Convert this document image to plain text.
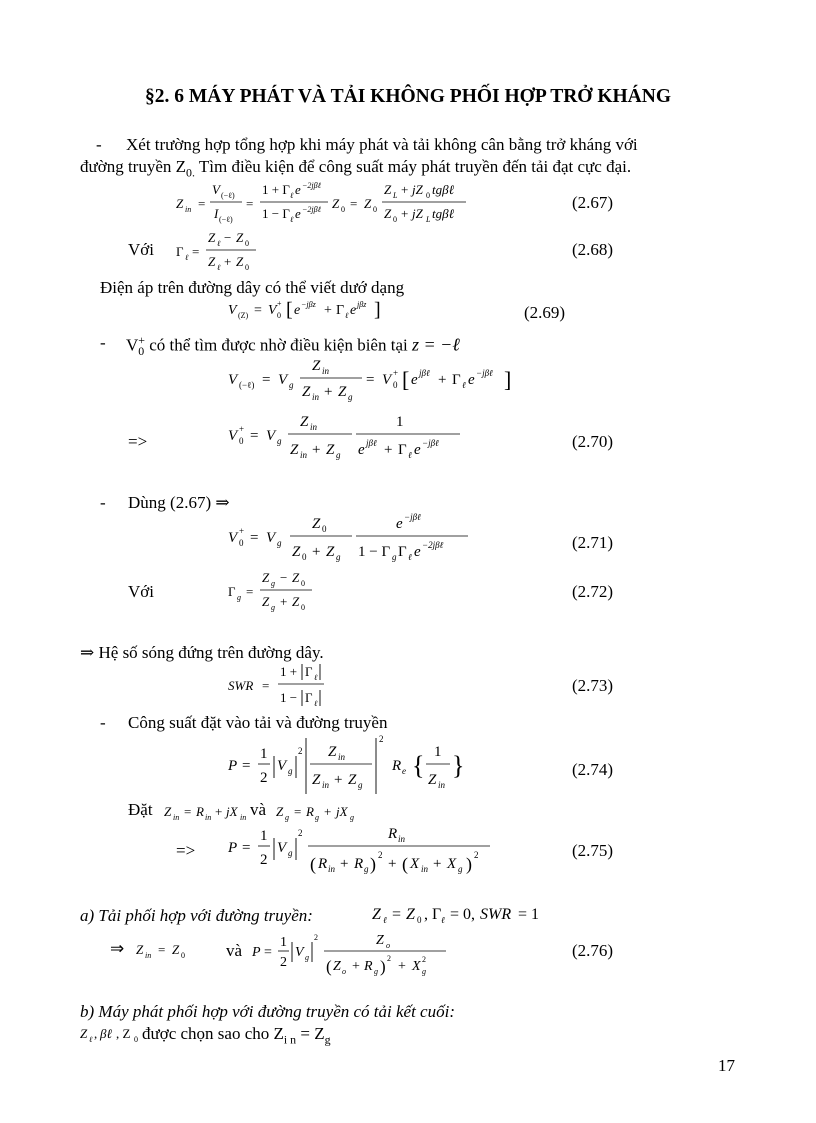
§2. 6 MÁY PHÁT VÀ TẢI KHÔNG PHỐI HỢP TRỞ KHÁNG
- Xét trường hợp tổng hợp khi máy phát và tải không cân bằng trở kháng với
đường truyền $Z_{0.}$ Tìm điều kiện để công suất máy phát truyền đến tải đạt cực đại.
Z in =
V (−ℓ)
I (−ℓ)
=
1 + Γ ℓ e −2jβℓ
1 − Γ ℓ e −2jβℓ Z 0 = Z 0
Z L + jZ 0 tgβℓ
Z 0 + jZ L tgβℓ
(2.67)
Với Γ ℓ =
Z ℓ − Z 0
Z ℓ + Z 0
(2.68)
Điện áp trên đường dây có thể viết dướ dạng
V (Z) = V 0
+ [ e −jβz + Γ ℓ e jβz ]	(2.69)
- $V_0^+$ có thể tìm được nhờ điều kiện biên tại z = −ℓ
V (−ℓ) = V g
Z in
Z in + Z g
= V 0
+ [ e jβℓ + Γ ℓ e −jβℓ ]
=>	V 0
+ = V g
Z in
Z in + Z g
1
e jβℓ + Γ ℓ e −jβℓ	(2.70)
- Dùng (2.67) ⇒
V 0
+ = V g
Z 0
Z 0 + Z g
e −jβℓ
1 − Γ g Γ ℓ e −2jβℓ	(2.71)
Với	Γ g =
Z g − Z 0
Z g + Z 0
(2.72)
⇒ Hệ số sóng đứng trên đường dây.
SWR =
1 + Γ ℓ
1 − Γ ℓ
(2.73)
- Công suất đặt vào tải và đường truyền
P =
1
2
V g
2 Z in
Z in + Z g
2
R e { 1
Z in
}	(2.74)
Đặt Z in = R in + jX in và Z g = R g + jX g
=> P =
1
2
V g
2	R in
( R in + R g ) 2
+ ( X in + X g ) 2	(2.75)
a) Tải phối hợp với đường truyền:	Z ℓ = Z 0 , Γ ℓ = 0, SWR = 1
⇒ Z in = Z 0 và P =
1
2
V g
2	Z o
( Z o + R g ) 2
+ X g
2	(2.76)
b) Máy phát phối hợp với đường truyền có tải kết cuối:
Z ℓ , βℓ , Z 0 được chọn sao cho $Z_{i n} = Z_g$
17
